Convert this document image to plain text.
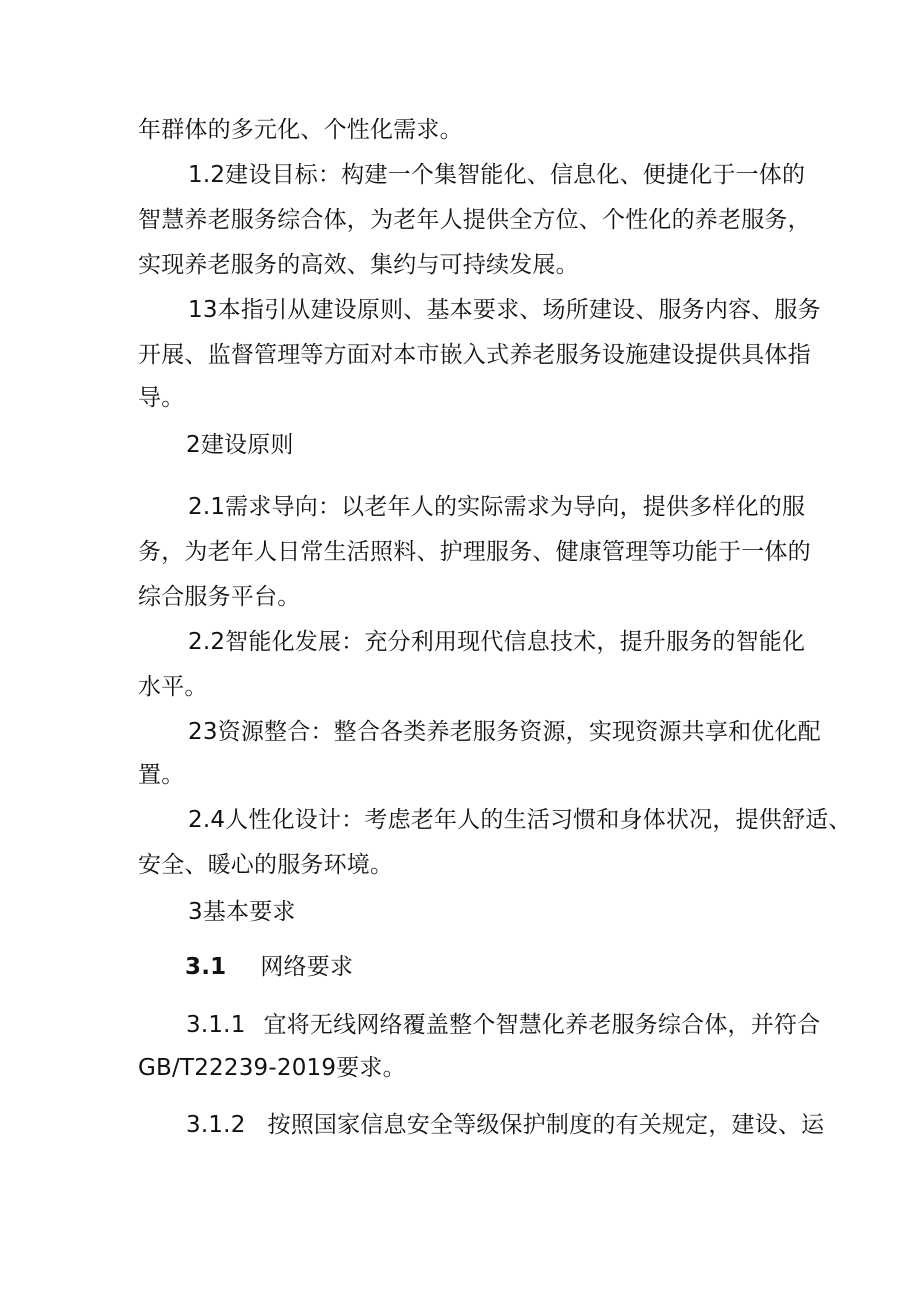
年群体的多元化、个性化需求。
1.2建设目标：构建一个集智能化、信息化、便捷化于一体的
智慧养老服务综合体，为老年人提供全方位、个性化的养老服务，
实现养老服务的高效、集约与可持续发展。
13本指引从建设原则、基本要求、场所建设、服务内容、服务
开展、监督管理等方面对本市嵌入式养老服务设施建设提供具体指
导。
2建设原则
2.1需求导向：以老年人的实际需求为导向，提供多样化的服
务，为老年人日常生活照料、护理服务、健康管理等功能于一体的
综合服务平台。
2.2智能化发展：充分利用现代信息技术，提升服务的智能化
水平。
23资源整合：整合各类养老服务资源，实现资源共享和优化配
置。
2.4人性化设计：考虑老年人的生活习惯和身体状况，提供舒适、
安全、暖心的服务环境。
3基本要求
3.1 网络要求
3.1.1 宜将无线网络覆盖整个智慧化养老服务综合体，并符合
GB/T22239-2019要求。
3.1.2 按照国家信息安全等级保护制度的有关规定，建设、运
